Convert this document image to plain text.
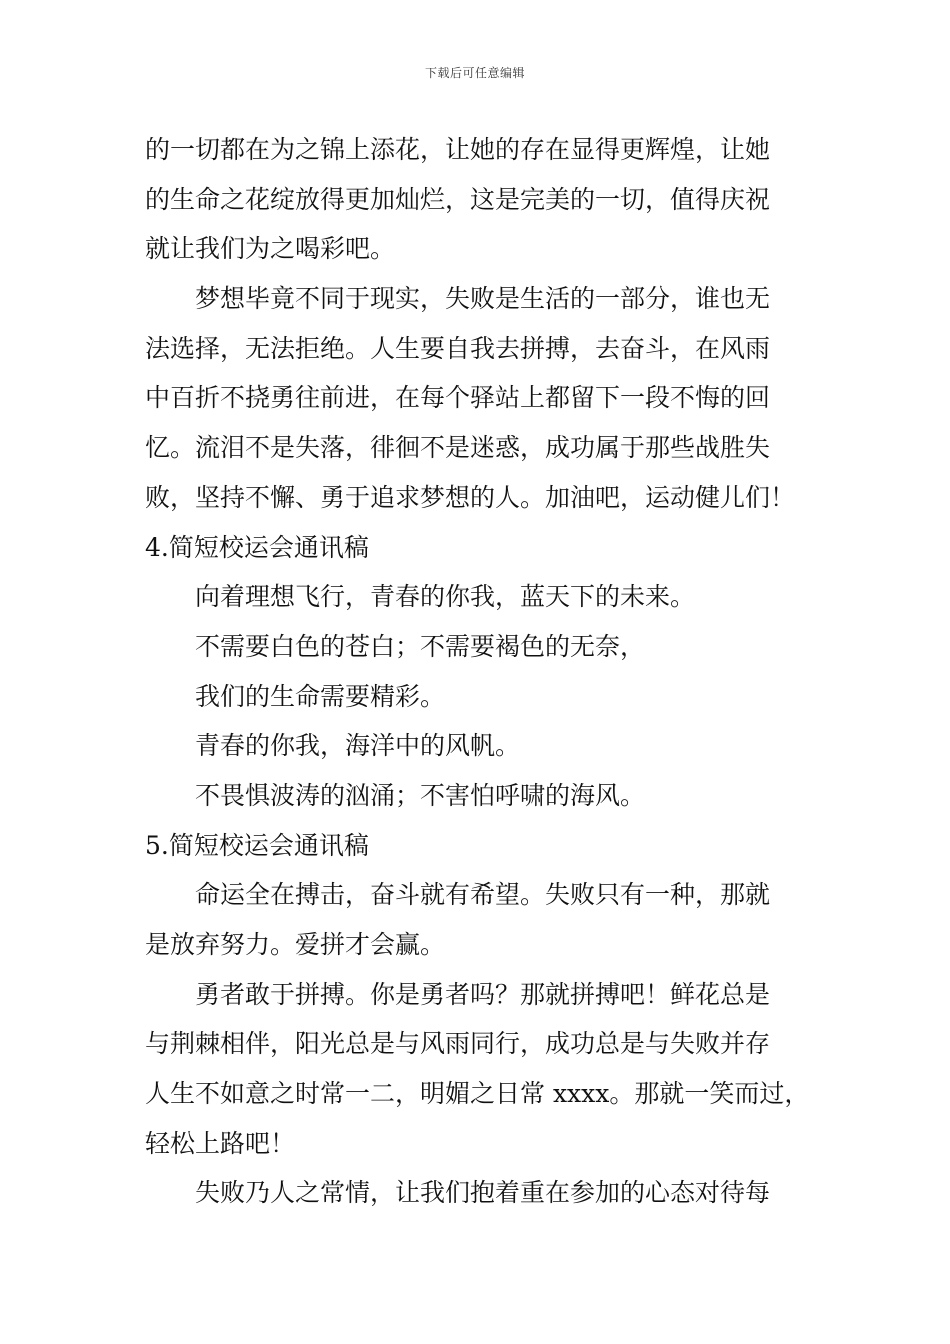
下载后可任意编辑
的一切都在为之锦上添花，让她的存在显得更辉煌，让她
的生命之花绽放得更加灿烂，这是完美的一切，值得庆祝
就让我们为之喝彩吧。
梦想毕竟不同于现实，失败是生活的一部分，谁也无
法选择，无法拒绝。人生要自我去拼搏，去奋斗，在风雨
中百折不挠勇往前进，在每个驿站上都留下一段不悔的回
忆。流泪不是失落，徘徊不是迷惑，成功属于那些战胜失
败，坚持不懈、勇于追求梦想的人。加油吧，运动健儿们！
4.简短校运会通讯稿
向着理想飞行，青春的你我，蓝天下的未来。
不需要白色的苍白；不需要褐色的无奈，
我们的生命需要精彩。
青春的你我，海洋中的风帆。
不畏惧波涛的汹涌；不害怕呼啸的海风。
5.简短校运会通讯稿
命运全在搏击，奋斗就有希望。失败只有一种，那就
是放弃努力。爱拼才会赢。
勇者敢于拼搏。你是勇者吗？那就拼搏吧！鲜花总是
与荆棘相伴，阳光总是与风雨同行，成功总是与失败并存
人生不如意之时常一二，明媚之日常 xxxx。那就一笑而过，
轻松上路吧！
失败乃人之常情，让我们抱着重在参加的心态对待每
